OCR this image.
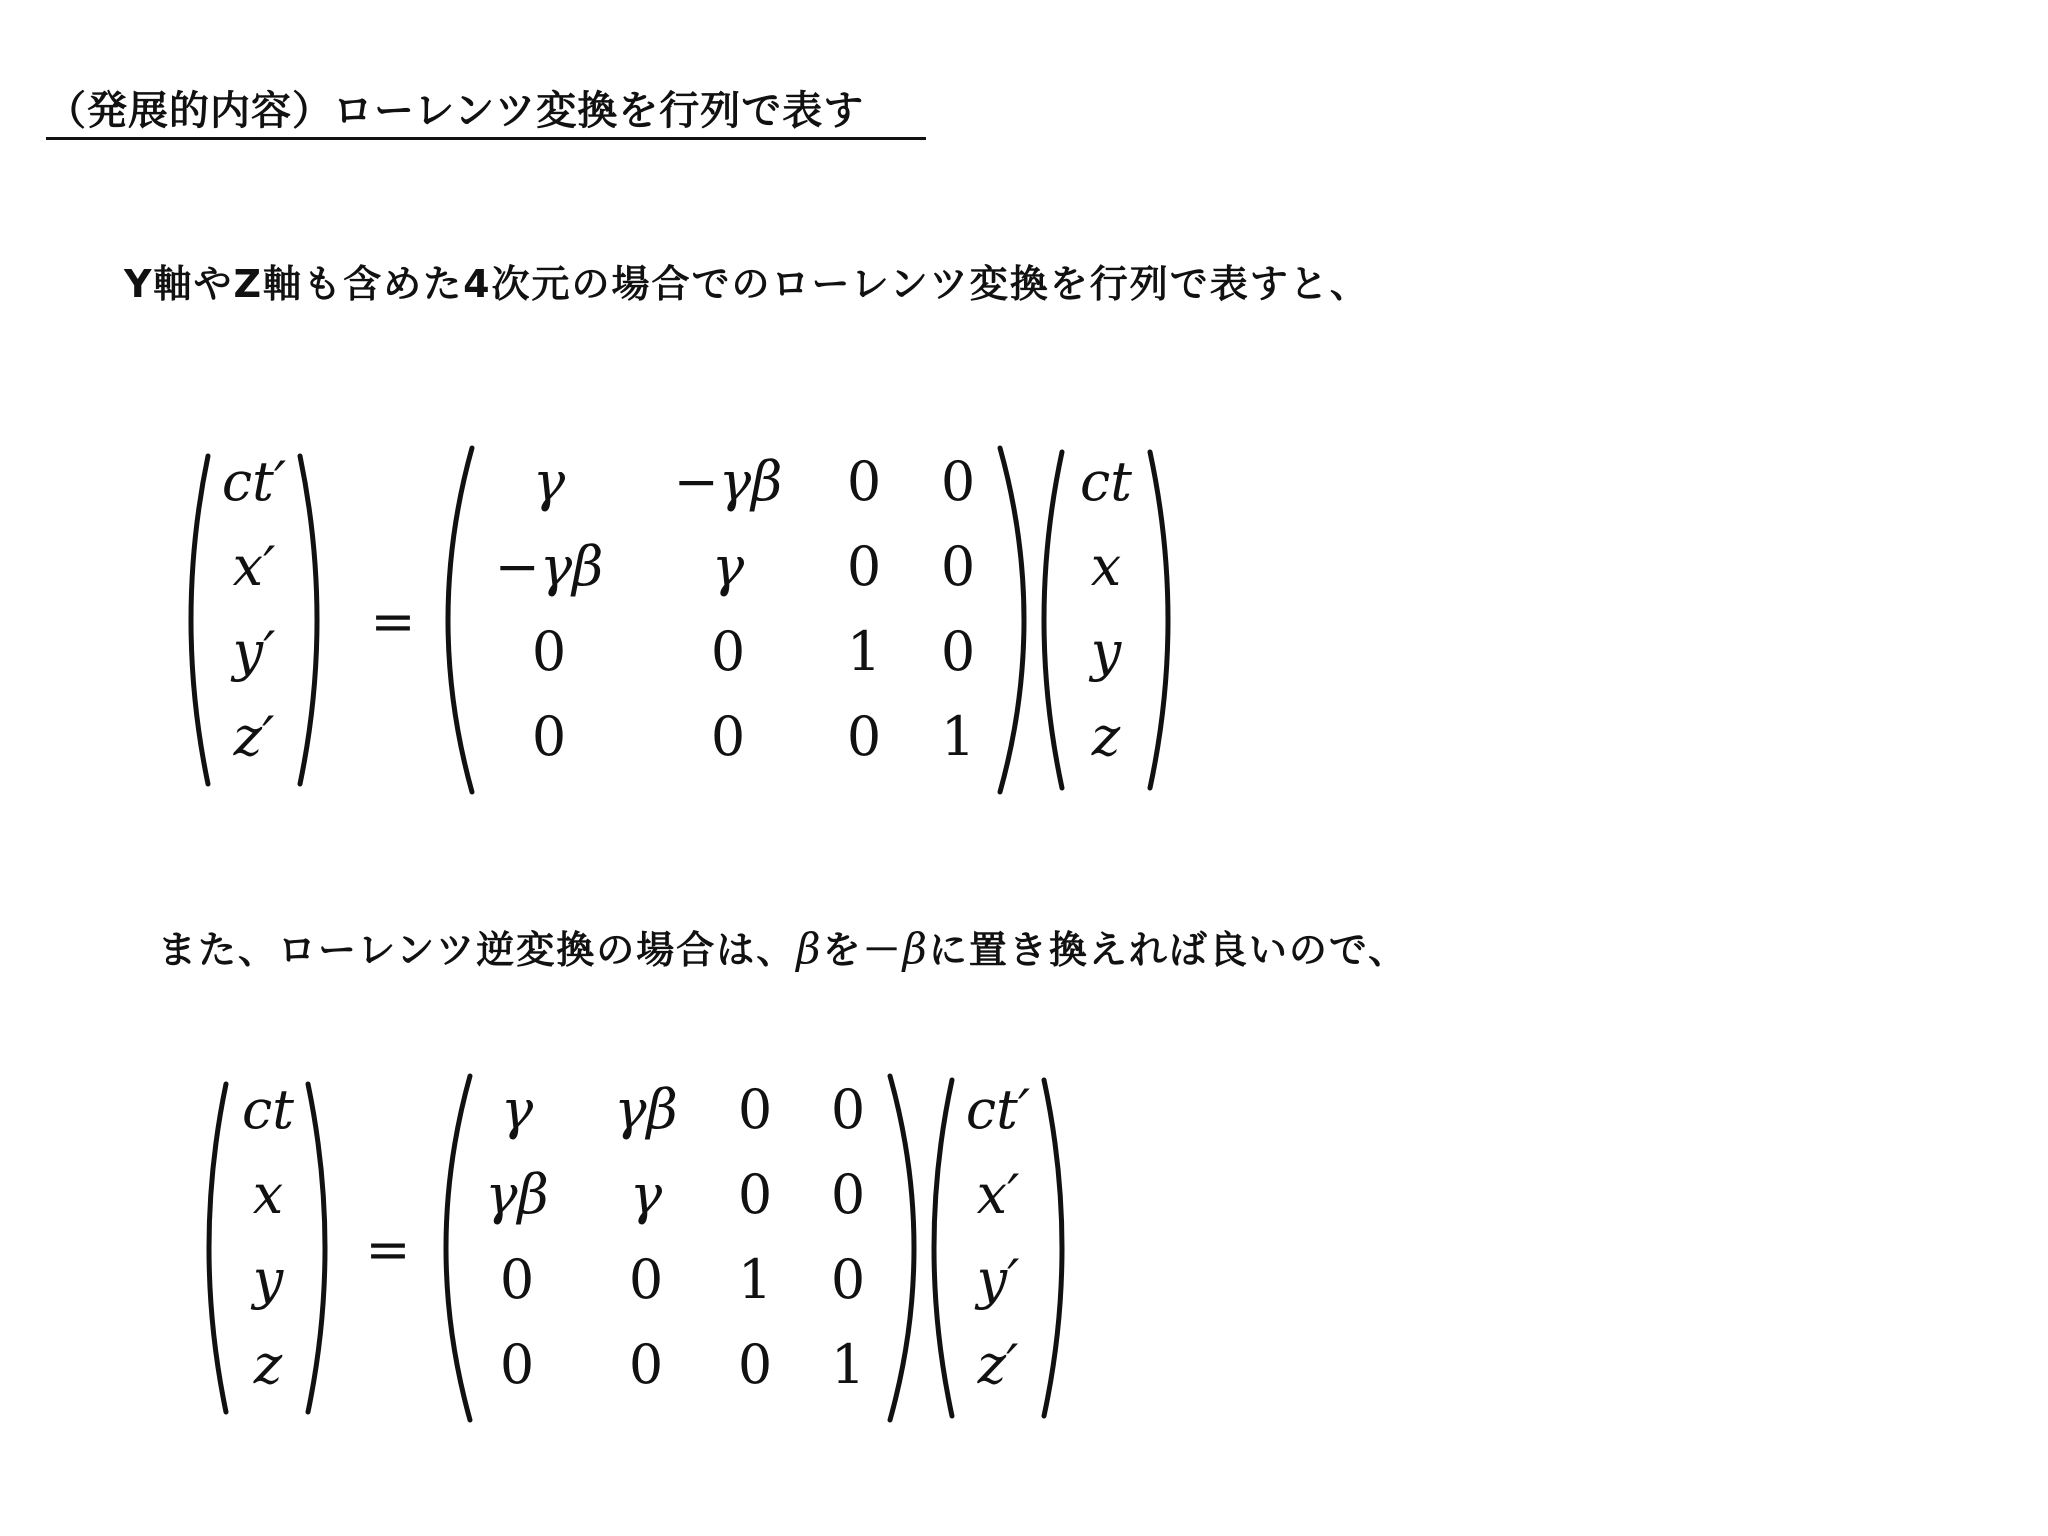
（発展的内容）ローレンツ変換を行列で表す
Y軸やZ軸も含めた4次元の場合でのローレンツ変換を行列で表すと、
また、ローレンツ逆変換の場合は、βを－βに置き換えれば良いので、
ct′
x′
y′
z′
=
γ −γβ 0 0
−γβ γ 0 0
0	0 1 0
0	0 0 1
ct
x
y
z
ct
x
y
z
=
γ γβ 0 0
γβ γ 0 0
0 0 1 0
0 0 0 1
ct′
x′
y′
z′
